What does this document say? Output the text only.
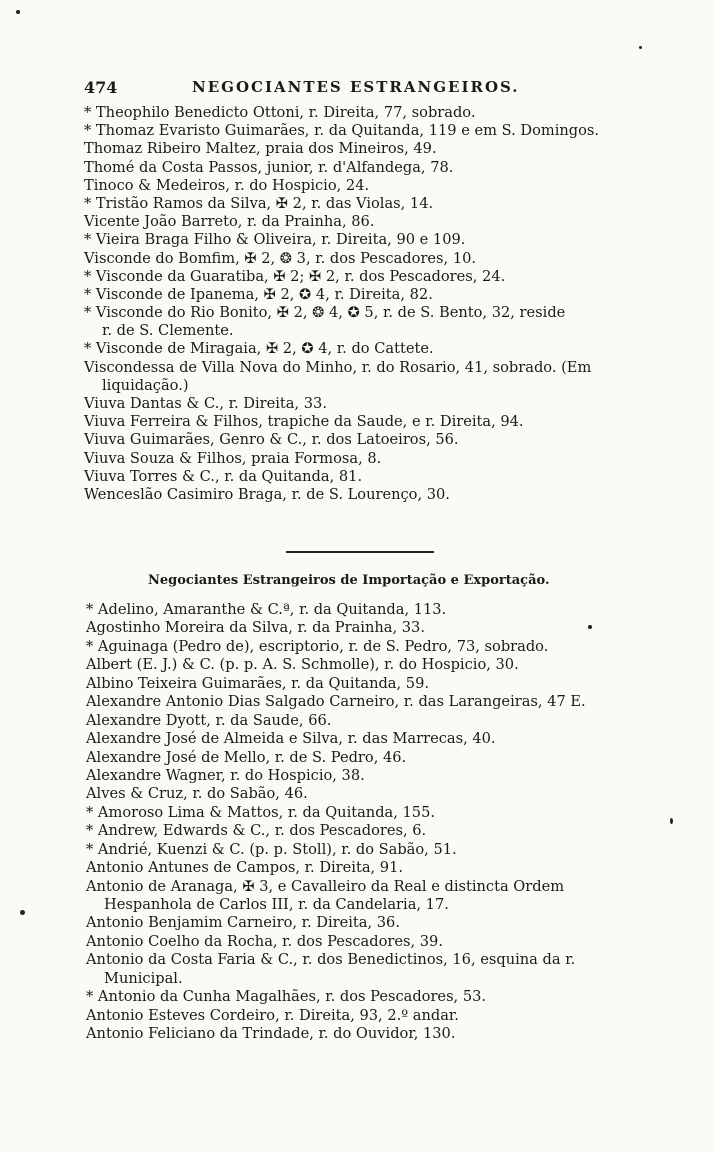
474	NEGOCIANTES ESTRANGEIROS.
* Theophilo Benedicto Ottoni, r. Direita, 77, sobrado.
* Thomaz Evaristo Guimarães, r. da Quitanda, 119 e em S. Domingos.
Thomaz Ribeiro Maltez, praia dos Mineiros, 49.
Thomé da Costa Passos, junior, r. d'Alfandega, 78.
Tinoco & Medeiros, r. do Hospicio, 24.
* Tristão Ramos da Silva, ✠ 2, r. das Violas, 14.
Vicente João Barreto, r. da Prainha, 86.
* Vieira Braga Filho & Oliveira, r. Direita, 90 e 109.
Visconde do Bomfim, ✠ 2, ❂ 3, r. dos Pescadores, 10.
* Visconde da Guaratiba, ✠ 2; ✠ 2, r. dos Pescadores, 24.
* Visconde de Ipanema, ✠ 2, ✪ 4, r. Direita, 82.
* Visconde do Rio Bonito, ✠ 2, ❂ 4, ✪ 5, r. de S. Bento, 32, reside
r. de S. Clemente.
* Visconde de Miragaia, ✠ 2, ✪ 4, r. do Cattete.
Viscondessa de Villa Nova do Minho, r. do Rosario, 41, sobrado. (Em
liquidação.)
Viuva Dantas & C., r. Direita, 33.
Viuva Ferreira & Filhos, trapiche da Saude, e r. Direita, 94.
Viuva Guimarães, Genro & C., r. dos Latoeiros, 56.
Viuva Souza & Filhos, praia Formosa, 8.
Viuva Torres & C., r. da Quitanda, 81.
Wenceslão Casimiro Braga, r. de S. Lourenço, 30.
Negociantes Estrangeiros de Importação e Exportação.
* Adelino, Amaranthe & C.ª, r. da Quitanda, 113.
Agostinho Moreira da Silva, r. da Prainha, 33.
* Aguinaga (Pedro de), escriptorio, r. de S. Pedro, 73, sobrado.
Albert (E. J.) & C. (p. p. A. S. Schmolle), r. do Hospicio, 30.
Albino Teixeira Guimarães, r. da Quitanda, 59.
Alexandre Antonio Dias Salgado Carneiro, r. das Larangeiras, 47 E.
Alexandre Dyott, r. da Saude, 66.
Alexandre José de Almeida e Silva, r. das Marrecas, 40.
Alexandre José de Mello, r. de S. Pedro, 46.
Alexandre Wagner, r. do Hospicio, 38.
Alves & Cruz, r. do Sabão, 46.
* Amoroso Lima & Mattos, r. da Quitanda, 155.
* Andrew, Edwards & C., r. dos Pescadores, 6.
* Andrié, Kuenzi & C. (p. p. Stoll), r. do Sabão, 51.
Antonio Antunes de Campos, r. Direita, 91.
Antonio de Aranaga, ✠ 3, e Cavalleiro da Real e distincta Ordem
Hespanhola de Carlos III, r. da Candelaria, 17.
Antonio Benjamim Carneiro, r. Direita, 36.
Antonio Coelho da Rocha, r. dos Pescadores, 39.
Antonio da Costa Faria & C., r. dos Benedictinos, 16, esquina da r.
Municipal.
* Antonio da Cunha Magalhães, r. dos Pescadores, 53.
Antonio Esteves Cordeiro, r. Direita, 93, 2.º andar.
Antonio Feliciano da Trindade, r. do Ouvidor, 130.
